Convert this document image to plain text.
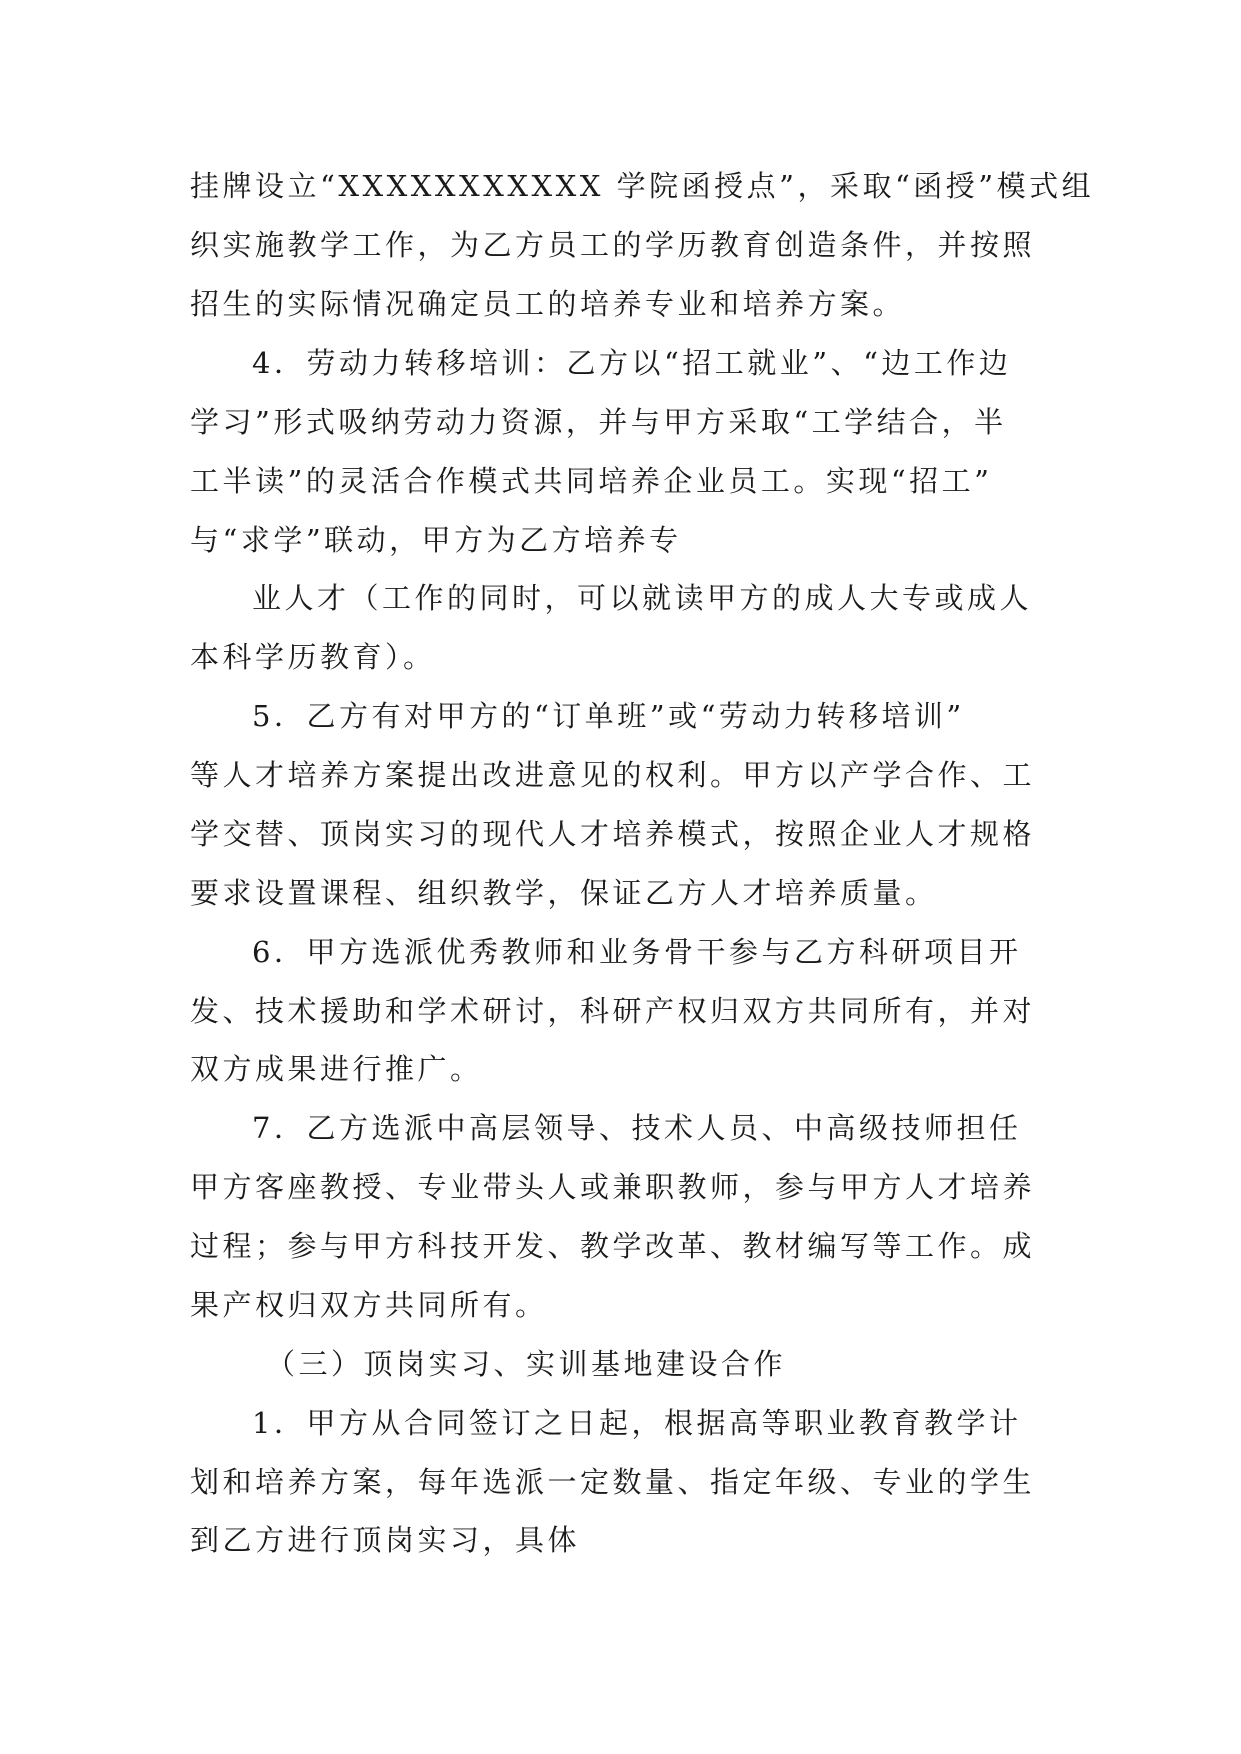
挂牌设立“XXXXXXXXXXX 学院函授点”，采取“函授”模式组
织实施教学工作，为乙方员工的学历教育创造条件，并按照
招生的实际情况确定员工的培养专业和培养方案。
4．劳动力转移培训：乙方以“招工就业”、“边工作边
学习”形式吸纳劳动力资源，并与甲方采取“工学结合，半
工半读”的灵活合作模式共同培养企业员工。实现“招工”
与“求学”联动，甲方为乙方培养专
业人才（工作的同时，可以就读甲方的成人大专或成人
本科学历教育）。
5．乙方有对甲方的“订单班”或“劳动力转移培训”
等人才培养方案提出改进意见的权利。甲方以产学合作、工
学交替、顶岗实习的现代人才培养模式，按照企业人才规格
要求设置课程、组织教学，保证乙方人才培养质量。
6．甲方选派优秀教师和业务骨干参与乙方科研项目开
发、技术援助和学术研讨，科研产权归双方共同所有，并对
双方成果进行推广。
7．乙方选派中高层领导、技术人员、中高级技师担任
甲方客座教授、专业带头人或兼职教师，参与甲方人才培养
过程；参与甲方科技开发、教学改革、教材编写等工作。成
果产权归双方共同所有。
（三）顶岗实习、实训基地建设合作
1．甲方从合同签订之日起，根据高等职业教育教学计
划和培养方案，每年选派一定数量、指定年级、专业的学生
到乙方进行顶岗实习，具体
